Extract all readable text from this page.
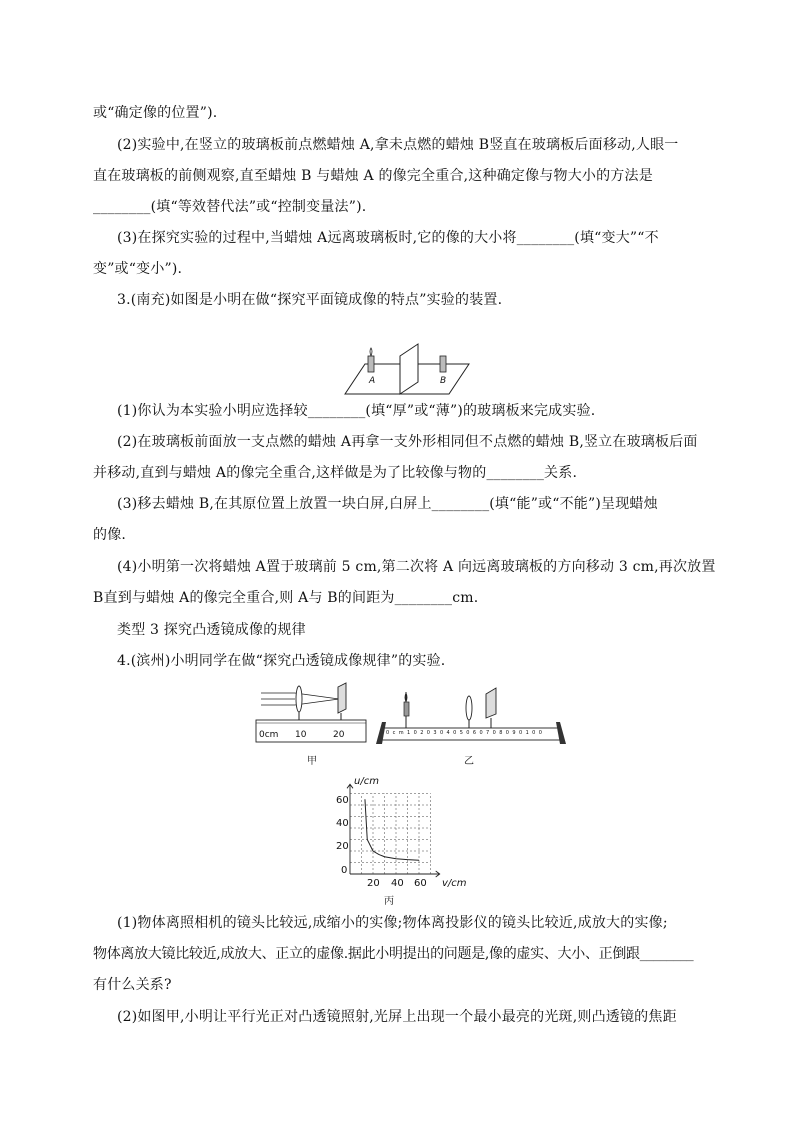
或“确定像的位置”).
(2)实验中,在竖立的玻璃板前点燃蜡烛 A,拿未点燃的蜡烛 B竖直在玻璃板后面移动,人眼一
直在玻璃板的前侧观察,直至蜡烛 B 与蜡烛 A 的像完全重合,这种确定像与物大小的方法是
________(填“等效替代法”或“控制变量法”).
(3)在探究实验的过程中,当蜡烛 A远离玻璃板时,它的像的大小将________(填“变大”“不
变”或“变小”).
3.(南充)如图是小明在做“探究平面镜成像的特点”实验的装置.
A	B
(1)你认为本实验小明应选择较________(填“厚”或“薄”)的玻璃板来完成实验.
(2)在玻璃板前面放一支点燃的蜡烛 A再拿一支外形相同但不点燃的蜡烛 B,竖立在玻璃板后面
并移动,直到与蜡烛 A的像完全重合,这样做是为了比较像与物的________关系.
(3)移去蜡烛 B,在其原位置上放置一块白屏,白屏上________(填“能”或“不能”)呈现蜡烛
的像.
(4)小明第一次将蜡烛 A置于玻璃前 5 cm,第二次将 A 向远离玻璃板的方向移动 3 cm,再次放置
B直到与蜡烛 A的像完全重合,则 A与 B的间距为________cm.
类型 3 探究凸透镜成像的规律
4.(滨州)小明同学在做“探究凸透镜成像规律”的实验.
0cm 10	20
甲
0cm102030405060708090100
乙
u/cm
v/cm
60
40
20
0
20 40 60
丙
(1)物体离照相机的镜头比较远,成缩小的实像;物体离投影仪的镜头比较近,成放大的实像;
物体离放大镜比较近,成放大、正立的虚像.据此小明提出的问题是,像的虚实、大小、正倒跟________
有什么关系?
(2)如图甲,小明让平行光正对凸透镜照射,光屏上出现一个最小最亮的光斑,则凸透镜的焦距
